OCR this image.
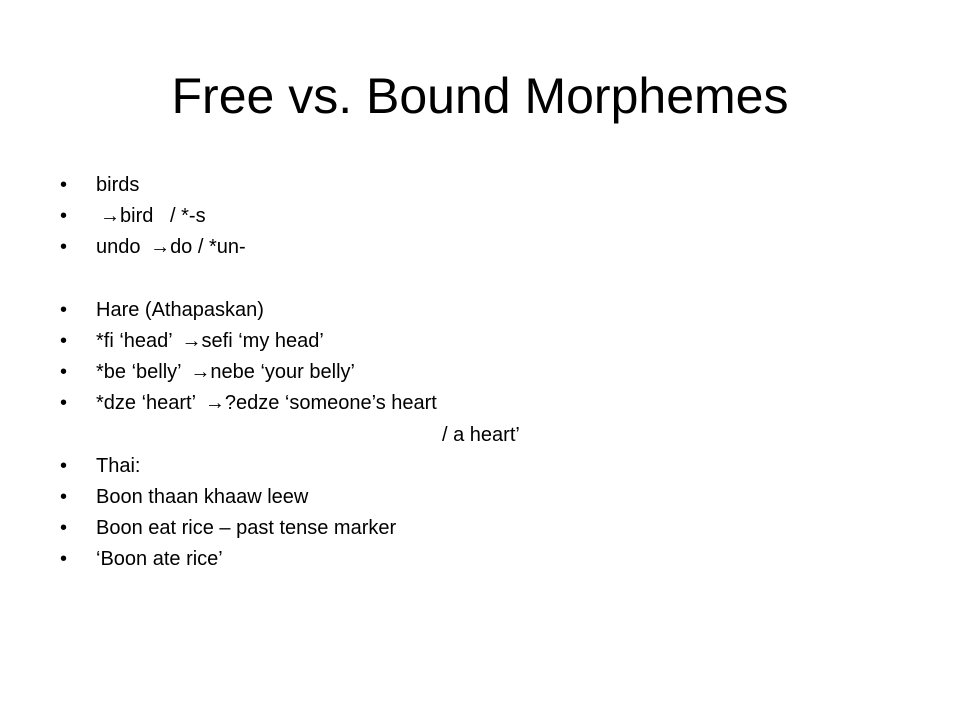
Free vs. Bound Morphemes
•	birds
•	→bird   / *-s
•	undo →do / *un-
•	Hare (Athapaskan)
•	*fi ‘head’ →sefi ‘my head’
•	*be ‘belly’ →nebe ‘your belly’
•	*dze ‘heart’ →?edze ‘someone’s heart
/ a heart’
•	Thai:
•	Boon thaan khaaw leew
•	Boon eat rice – past tense marker
•	‘Boon ate rice’
